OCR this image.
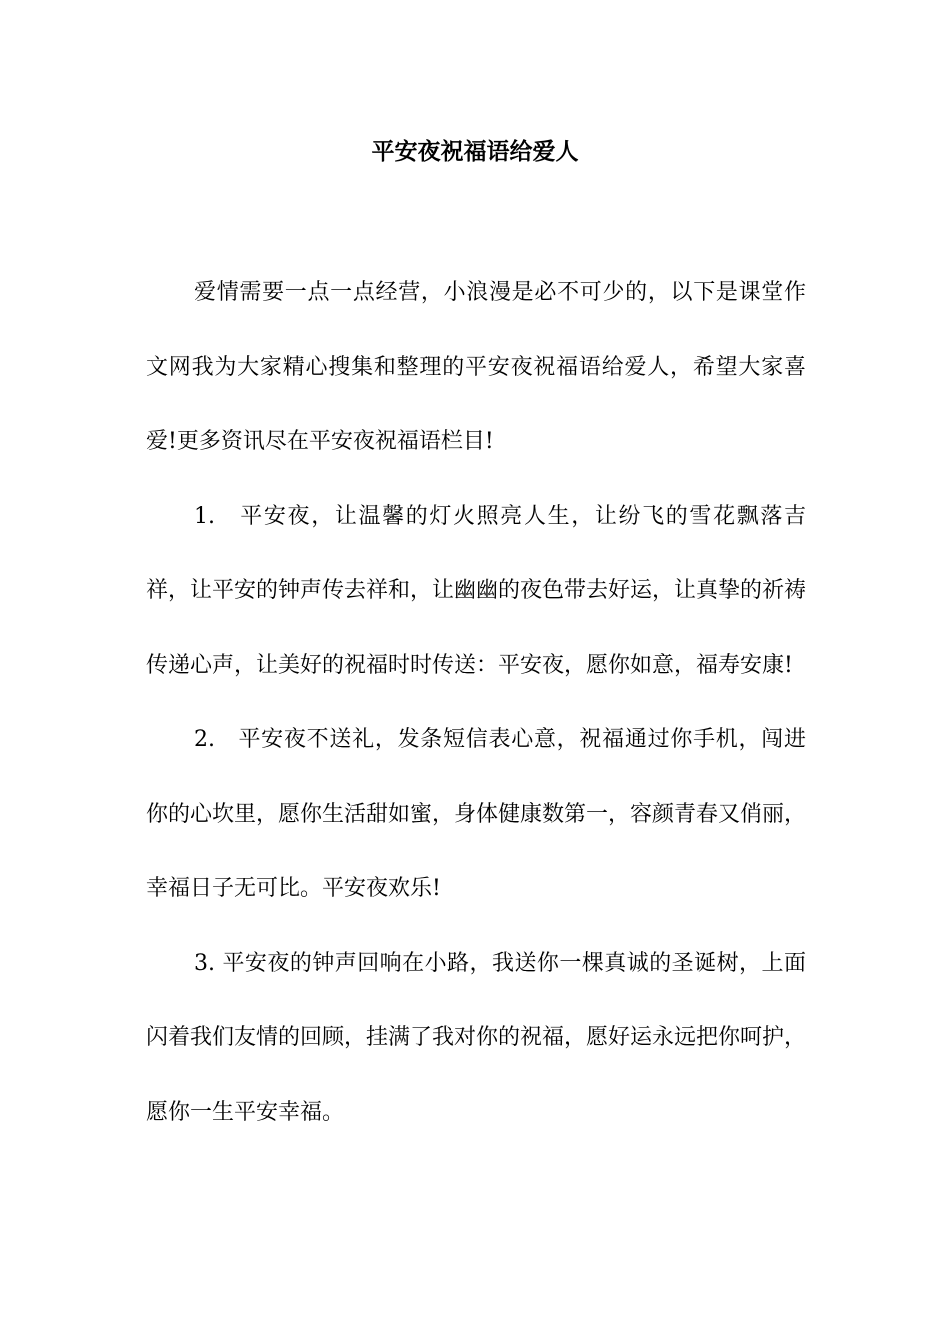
平安夜祝福语给爱人

爱情需要一点一点经营，小浪漫是必不可少的，以下是课堂作文网我为大家精心搜集和整理的平安夜祝福语给爱人，希望大家喜爱!更多资讯尽在平安夜祝福语栏目!

1.　平安夜，让温馨的灯火照亮人生，让纷飞的雪花飘落吉祥，让平安的钟声传去祥和，让幽幽的夜色带去好运，让真挚的祈祷传递心声，让美好的祝福时时传送：平安夜，愿你如意，福寿安康!

2.　平安夜不送礼，发条短信表心意，祝福通过你手机，闯进你的心坎里，愿你生活甜如蜜，身体健康数第一，容颜青春又俏丽，幸福日子无可比。平安夜欢乐!

3. 平安夜的钟声回响在小路，我送你一棵真诚的圣诞树，上面闪着我们友情的回顾，挂满了我对你的祝福，愿好运永远把你呵护，愿你一生平安幸福。
